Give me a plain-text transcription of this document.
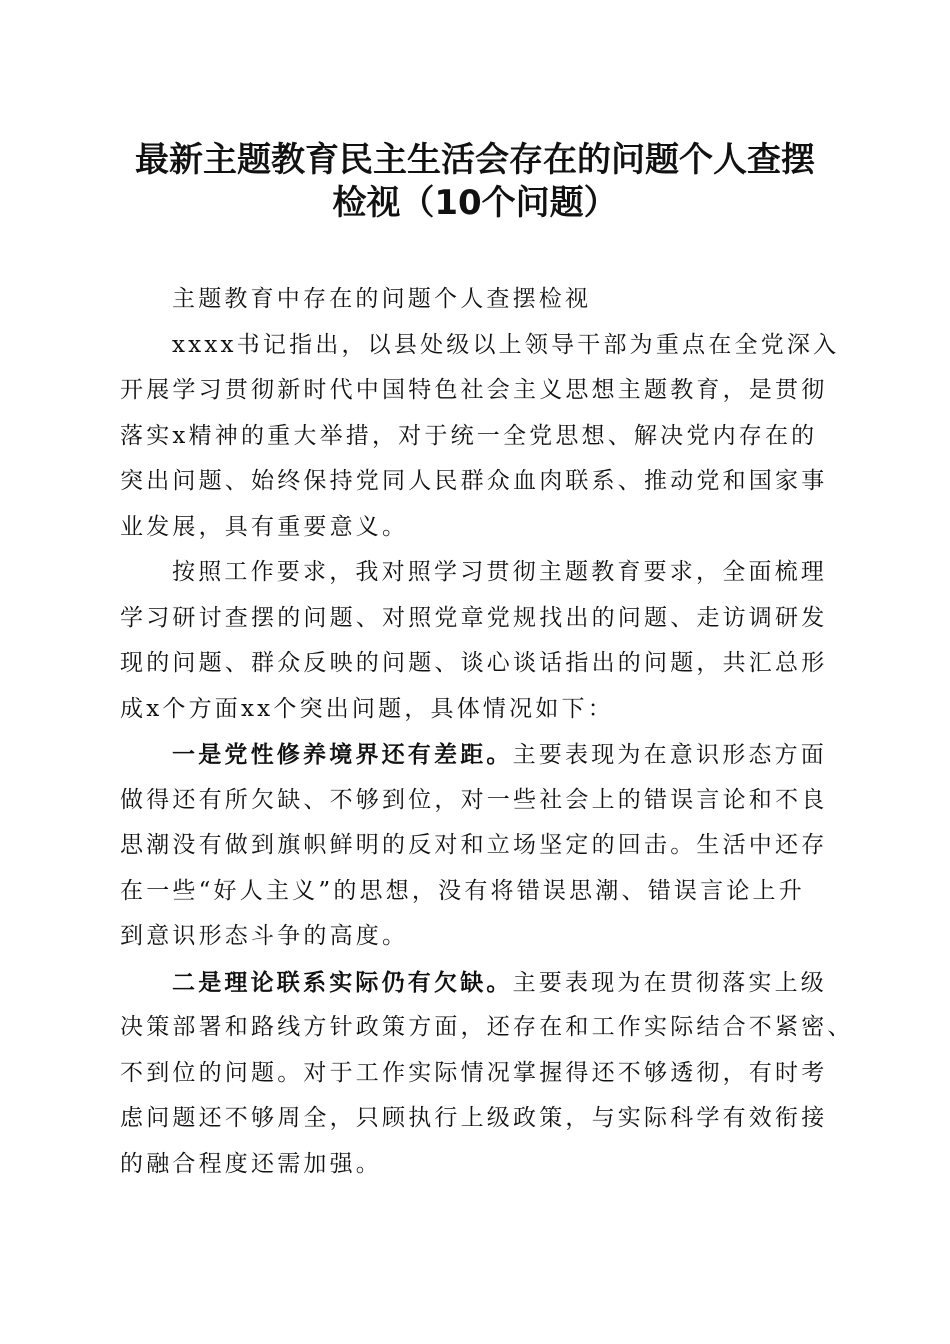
最新主题教育民主生活会存在的问题个人查摆
检视（10个问题）
主题教育中存在的问题个人查摆检视
xxxx书记指出，以县处级以上领导干部为重点在全党深入
开展学习贯彻新时代中国特色社会主义思想主题教育，是贯彻
落实x精神的重大举措，对于统一全党思想、解决党内存在的
突出问题、始终保持党同人民群众血肉联系、推动党和国家事
业发展，具有重要意义。
按照工作要求，我对照学习贯彻主题教育要求，全面梳理
学习研讨查摆的问题、对照党章党规找出的问题、走访调研发
现的问题、群众反映的问题、谈心谈话指出的问题，共汇总形
成x个方面xx个突出问题，具体情况如下：
一是党性修养境界还有差距。主要表现为在意识形态方面
做得还有所欠缺、不够到位，对一些社会上的错误言论和不良
思潮没有做到旗帜鲜明的反对和立场坚定的回击。生活中还存
在一些“好人主义”的思想，没有将错误思潮、错误言论上升
到意识形态斗争的高度。
二是理论联系实际仍有欠缺。主要表现为在贯彻落实上级
决策部署和路线方针政策方面，还存在和工作实际结合不紧密、
不到位的问题。对于工作实际情况掌握得还不够透彻，有时考
虑问题还不够周全，只顾执行上级政策，与实际科学有效衔接
的融合程度还需加强。
